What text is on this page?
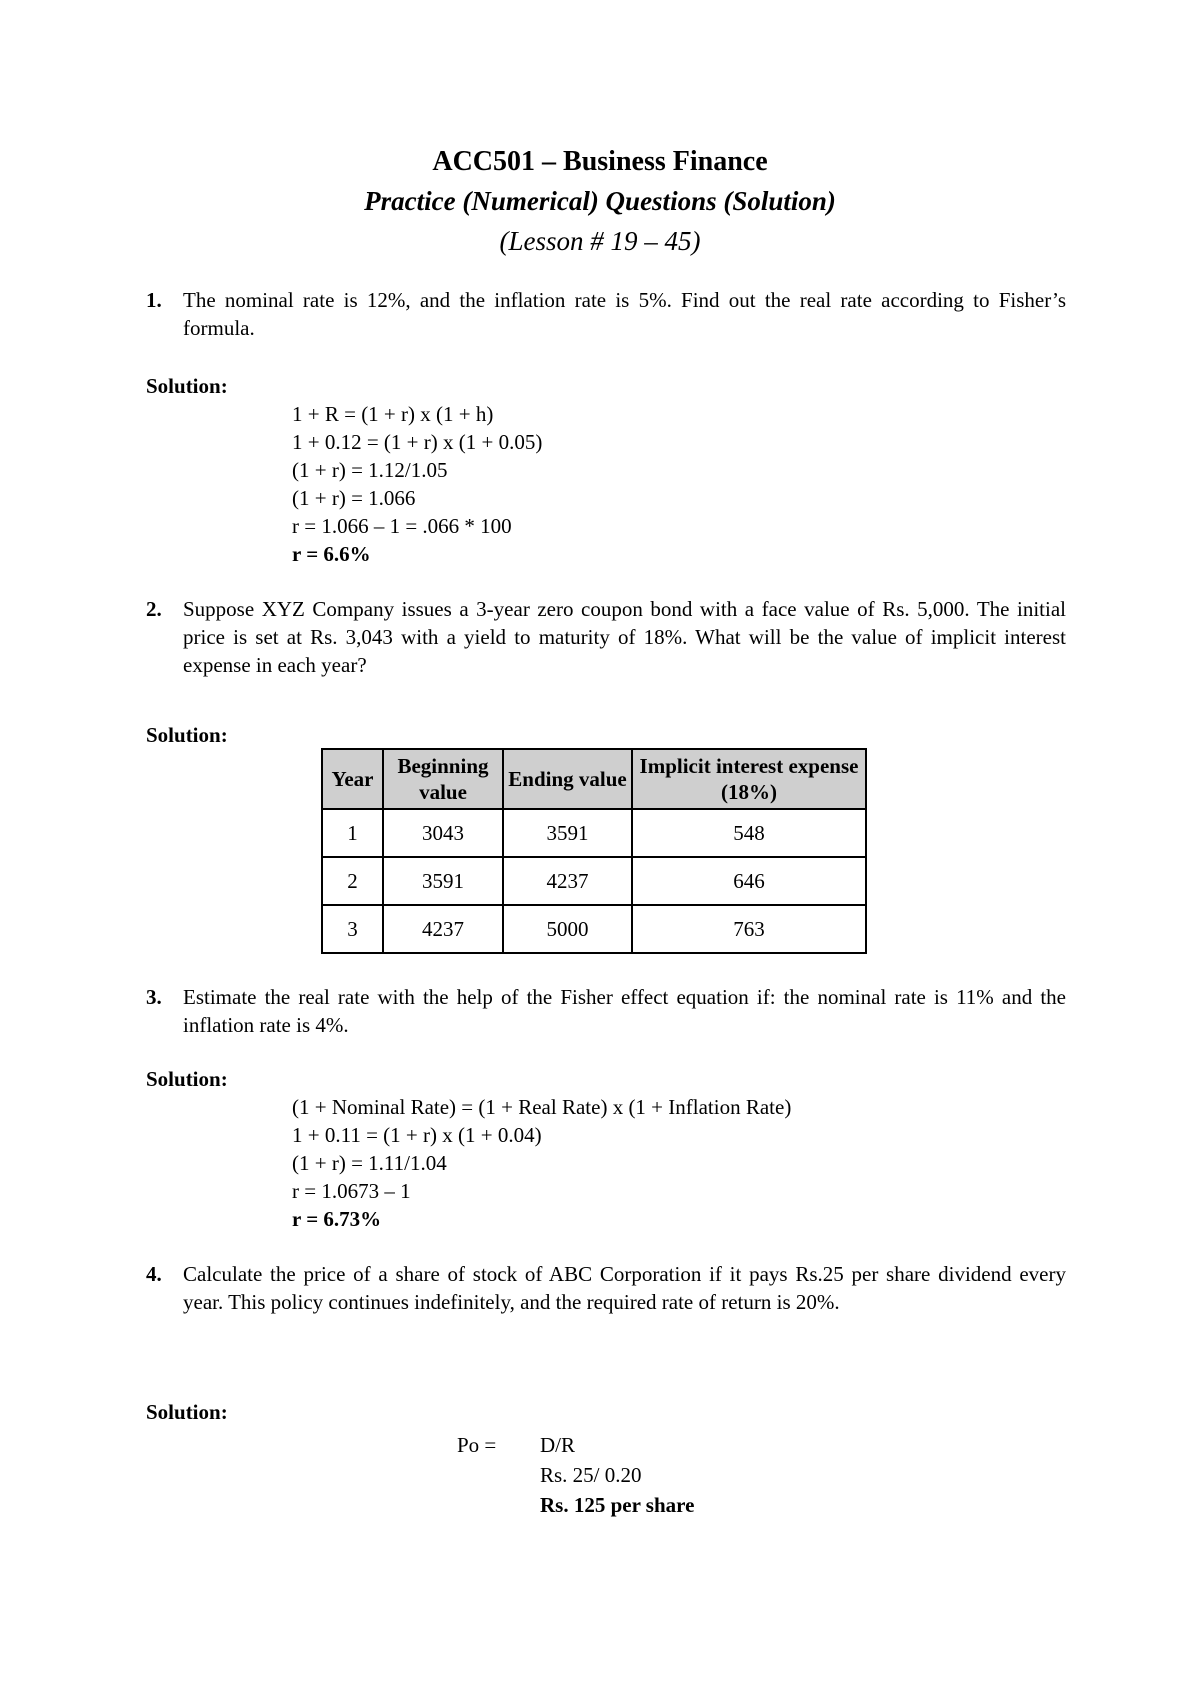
ACC501 – Business Finance
Practice (Numerical) Questions (Solution)
(Lesson # 19 – 45)
1. The nominal rate is 12%, and the inflation rate is 5%. Find out the real rate according to Fisher’s formula.
Solution:
1 + R = (1 + r) x (1 + h)
1 + 0.12 = (1 + r) x (1 + 0.05)
(1 + r) = 1.12/1.05
(1 + r) = 1.066
r = 1.066 – 1 = .066 * 100
r = 6.6%
2. Suppose XYZ Company issues a 3-year zero coupon bond with a face value of Rs. 5,000. The initial price is set at Rs. 3,043 with a yield to maturity of 18%. What will be the value of implicit interest expense in each year?
Solution:
Year	Beginning value	Ending value	Implicit interest expense (18%)
1	3043	3591	548
2	3591	4237	646
3	4237	5000	763
3. Estimate the real rate with the help of the Fisher effect equation if: the nominal rate is 11% and the inflation rate is 4%.
Solution:
(1 + Nominal Rate) = (1 + Real Rate) x (1 + Inflation Rate)
1 + 0.11 = (1 + r) x (1 + 0.04)
(1 + r) = 1.11/1.04
r = 1.0673 – 1
r = 6.73%
4. Calculate the price of a share of stock of ABC Corporation if it pays Rs.25 per share dividend every year. This policy continues indefinitely, and the required rate of return is 20%.
Solution:
Po = D/R
Rs. 25/ 0.20
Rs. 125 per share
